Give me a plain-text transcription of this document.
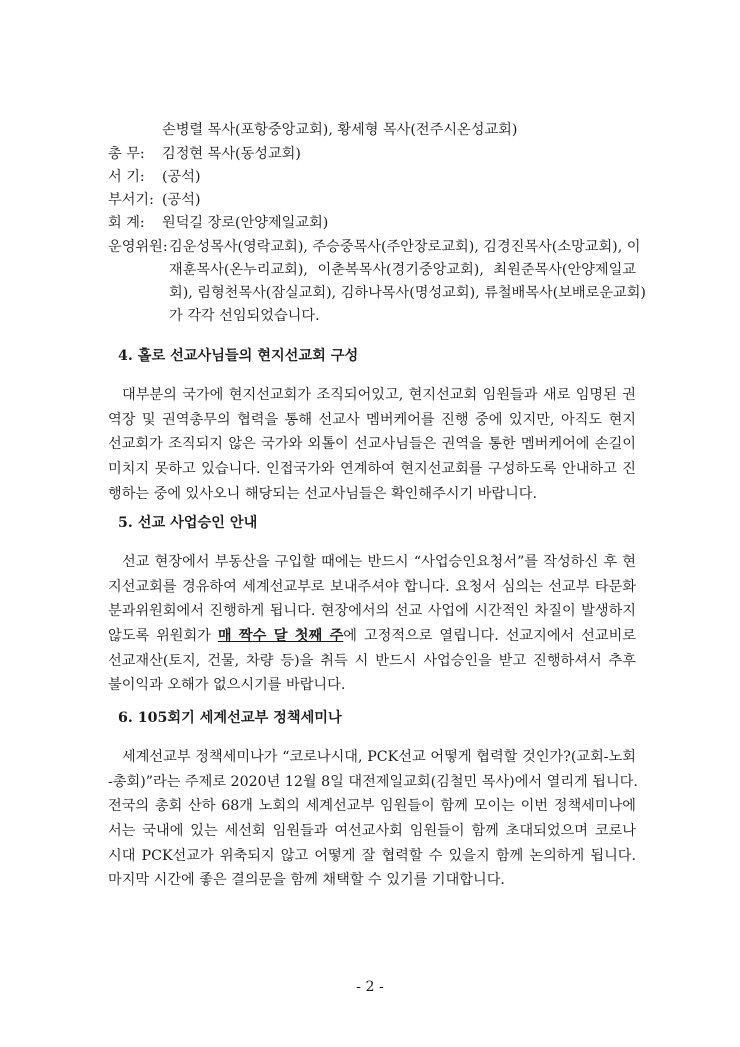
손병렬 목사(포항중앙교회), 황세형 목사(전주시온성교회)
총 무: 김정현 목사(동성교회)
서 기: (공석)
부서기: (공석)
회 계: 원덕길 장로(안양제일교회)
운영위원: 김운성목사(영락교회), 주승중목사(주안장로교회), 김경진목사(소망교회), 이
재훈목사(온누리교회), 이춘복목사(경기중앙교회), 최원준목사(안양제일교
회), 림형천목사(잠실교회), 김하나목사(명성교회), 류철배목사(보배로운교회)
가 각각 선임되었습니다.
4. 홀로 선교사님들의 현지선교회 구성
대부분의 국가에 현지선교회가 조직되어있고, 현지선교회 임원들과 새로 임명된 권
역장 및 권역총무의 협력을 통해 선교사 멤버케어를 진행 중에 있지만, 아직도 현지
선교회가 조직되지 않은 국가와 외톨이 선교사님들은 권역을 통한 멤버케어에 손길이
미치지 못하고 있습니다. 인접국가와 연계하여 현지선교회를 구성하도록 안내하고 진
행하는 중에 있사오니 해당되는 선교사님들은 확인해주시기 바랍니다.
5. 선교 사업승인 안내
선교 현장에서 부동산을 구입할 때에는 반드시 “사업승인요청서”를 작성하신 후 현
지선교회를 경유하여 세계선교부로 보내주셔야 합니다. 요청서 심의는 선교부 타문화
분과위원회에서 진행하게 됩니다. 현장에서의 선교 사업에 시간적인 차질이 발생하지
않도록 위원회가 매 짝수 달 첫째 주에 고정적으로 열립니다. 선교지에서 선교비로
선교재산(토지, 건물, 차량 등)을 취득 시 반드시 사업승인을 받고 진행하셔서 추후
불이익과 오해가 없으시기를 바랍니다.
6. 105회기 세계선교부 정책세미나
세계선교부 정책세미나가 “코로나시대, PCK선교 어떻게 협력할 것인가?(교회-노회
-총회)”라는 주제로 2020년 12월 8일 대전제일교회(김철민 목사)에서 열리게 됩니다.
전국의 총회 산하 68개 노회의 세계선교부 임원들이 함께 모이는 이번 정책세미나에
서는 국내에 있는 세선회 임원들과 여선교사회 임원들이 함께 초대되었으며 코로나
시대 PCK선교가 위축되지 않고 어떻게 잘 협력할 수 있을지 함께 논의하게 됩니다.
마지막 시간에 좋은 결의문을 함께 채택할 수 있기를 기대합니다.
- 2 -
